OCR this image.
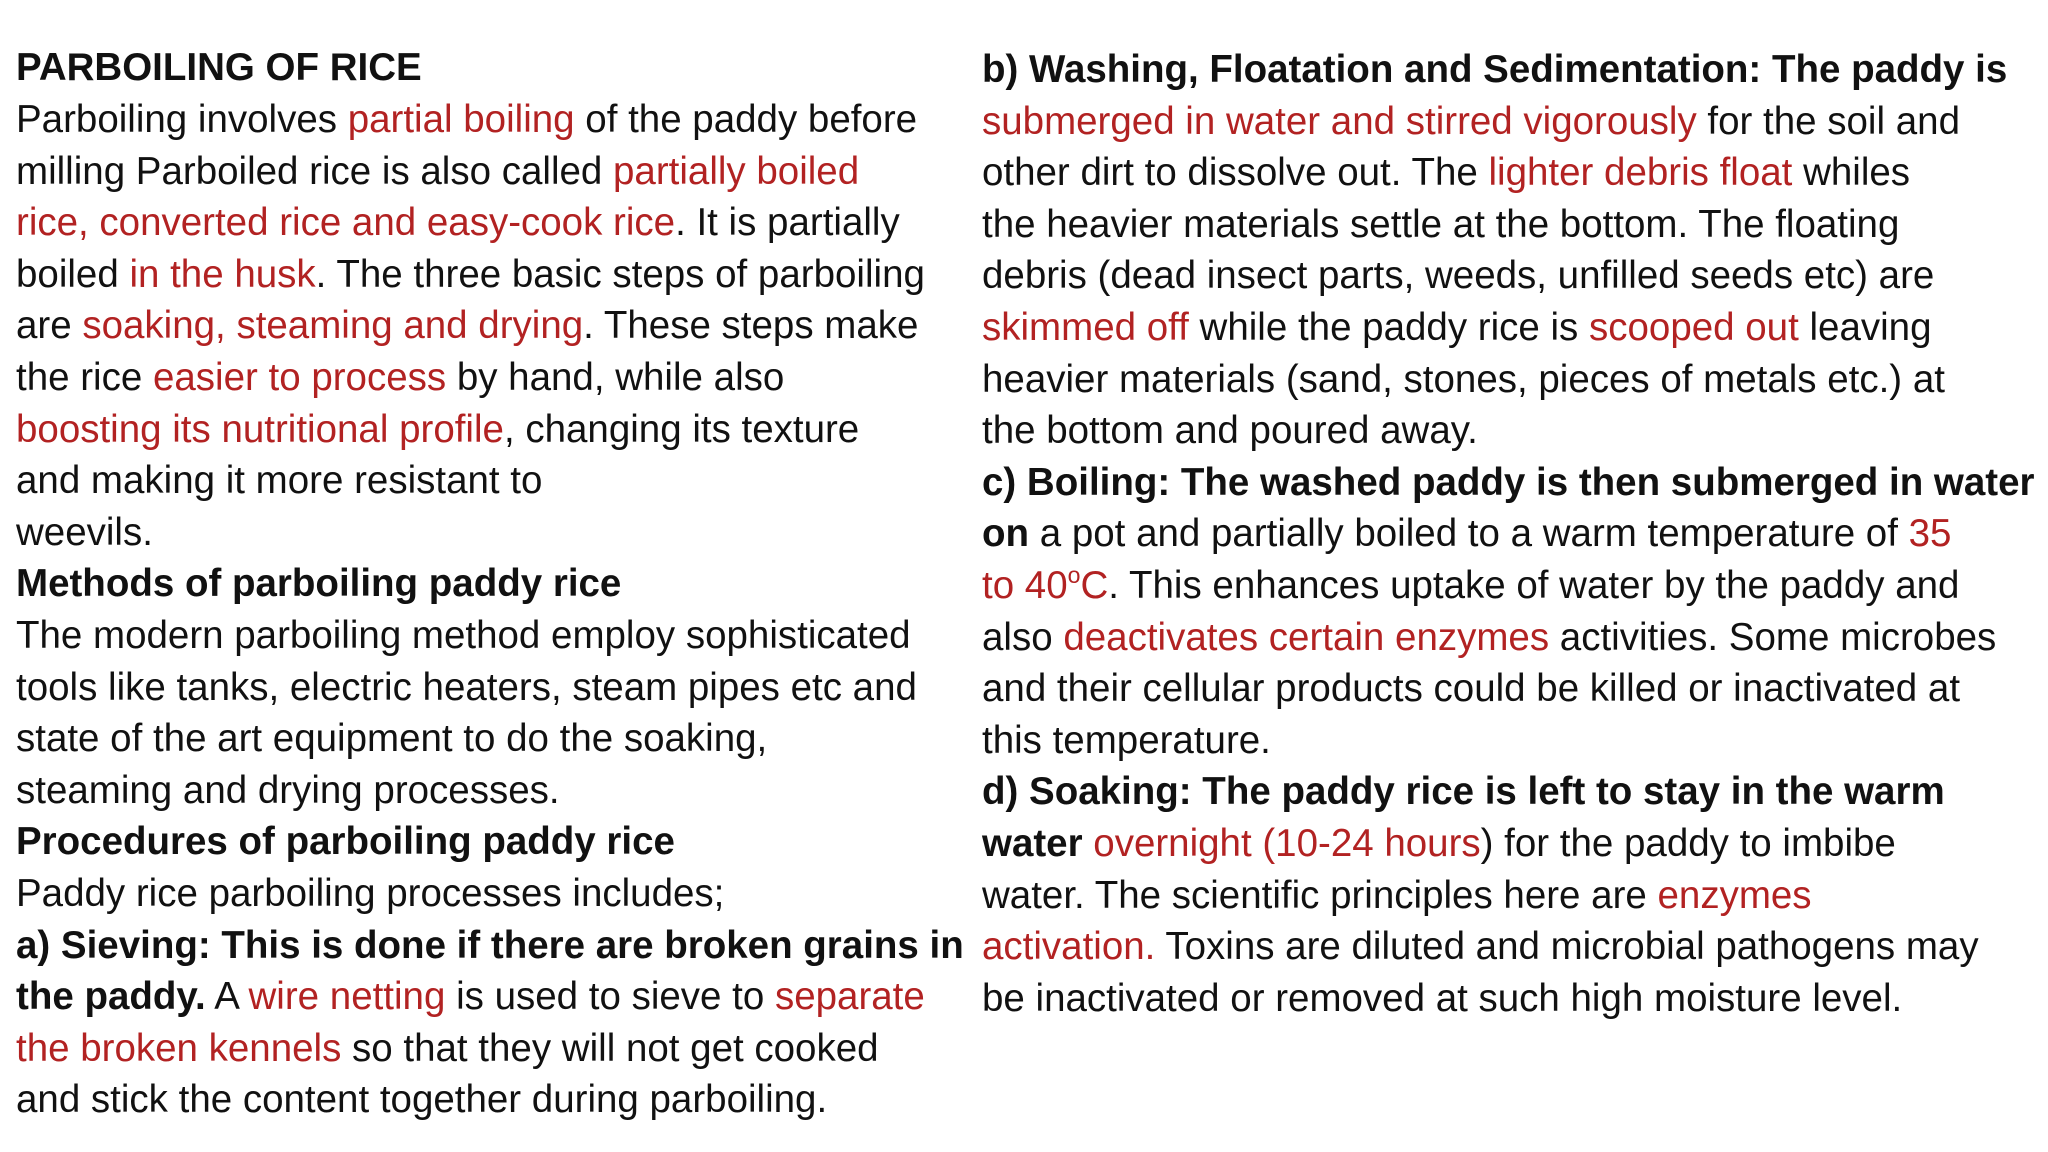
PARBOILING OF RICE
Parboiling involves partial boiling of the paddy before
milling Parboiled rice is also called partially boiled
rice, converted rice and easy-cook rice. It is partially
boiled in the husk. The three basic steps of parboiling
are soaking, steaming and drying. These steps make
the rice easier to process by hand, while also
boosting its nutritional profile, changing its texture
and making it more resistant to
weevils.
Methods of parboiling paddy rice
The modern parboiling method employ sophisticated
tools like tanks, electric heaters, steam pipes etc and
state of the art equipment to do the soaking,
steaming and drying processes.
Procedures of parboiling paddy rice
Paddy rice parboiling processes includes;
a) Sieving: This is done if there are broken grains in
the paddy. A wire netting is used to sieve to separate
the broken kennels so that they will not get cooked
and stick the content together during parboiling.
b) Washing, Floatation and Sedimentation: The paddy is
submerged in water and stirred vigorously for the soil and
other dirt to dissolve out. The lighter debris float whiles
the heavier materials settle at the bottom. The floating
debris (dead insect parts, weeds, unfilled seeds etc) are
skimmed off while the paddy rice is scooped out leaving
heavier materials (sand, stones, pieces of metals etc.) at
the bottom and poured away.
c) Boiling: The washed paddy is then submerged in water
on a pot and partially boiled to a warm temperature of 35
to 40$^o$C. This enhances uptake of water by the paddy and
also deactivates certain enzymes activities. Some microbes
and their cellular products could be killed or inactivated at
this temperature.
d) Soaking: The paddy rice is left to stay in the warm
water overnight (10-24 hours) for the paddy to imbibe
water. The scientific principles here are enzymes
activation. Toxins are diluted and microbial pathogens may
be inactivated or removed at such high moisture level.
